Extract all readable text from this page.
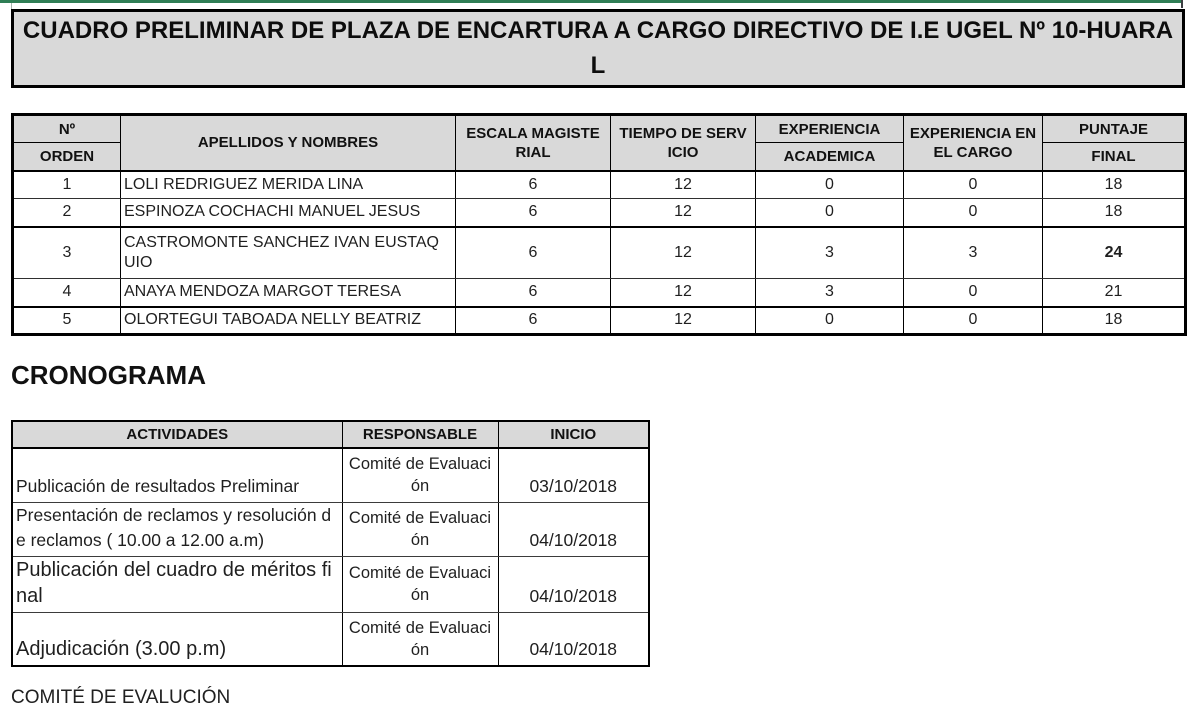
CUADRO PRELIMINAR DE PLAZA DE ENCARTURA A CARGO DIRECTIVO DE I.E UGEL Nº 10-HUARAL
Nº	APELLIDOS Y NOMBRES	ESCALA MAGISTERIAL	TIEMPO DE SERVICIO	EXPERIENCIA	EXPERIENCIA EN EL CARGO	PUNTAJE
ORDEN				ACADEMICA		FINAL
1	LOLI REDRIGUEZ MERIDA LINA	6	12	0	0	18
2	ESPINOZA COCHACHI MANUEL JESUS	6	12	0	0	18
3	CASTROMONTE SANCHEZ IVAN EUSTAQUIO	6	12	3	3	24
4	ANAYA MENDOZA MARGOT TERESA	6	12	3	0	21
5	OLORTEGUI TABOADA NELLY BEATRIZ	6	12	0	0	18
CRONOGRAMA
ACTIVIDADES	RESPONSABLE	INICIO
Publicación de resultados Preliminar	Comité de Evaluación	03/10/2018
Presentación de reclamos y resolución de reclamos ( 10.00 a 12.00 a.m)	Comité de Evaluación	04/10/2018
Publicación del cuadro de méritos final	Comité de Evaluación	04/10/2018
Adjudicación (3.00 p.m)	Comité de Evaluación	04/10/2018
COMITÉ DE EVALUCIÓN
